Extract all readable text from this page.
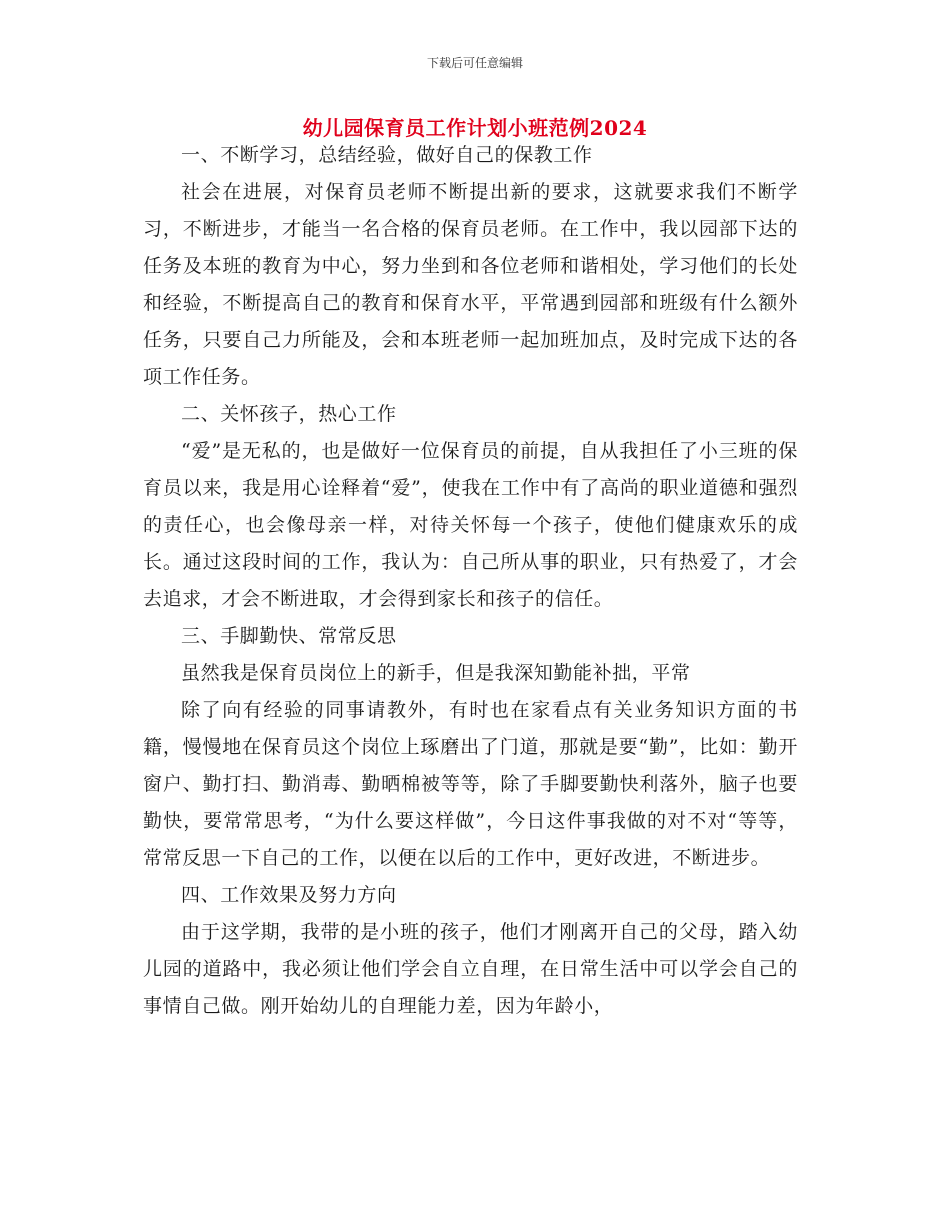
下载后可任意编辑
幼儿园保育员工作计划小班范例2024

一、不断学习，总结经验，做好自己的保教工作

社会在进展，对保育员老师不断提出新的要求，这就要求我们不断学习，不断进步，才能当一名合格的保育员老师。在工作中，我以园部下达的任务及本班的教育为中心，努力坐到和各位老师和谐相处，学习他们的长处和经验，不断提高自己的教育和保育水平，平常遇到园部和班级有什么额外任务，只要自己力所能及，会和本班老师一起加班加点，及时完成下达的各项工作任务。

二、关怀孩子，热心工作

“爱”是无私的，也是做好一位保育员的前提，自从我担任了小三班的保育员以来，我是用心诠释着“爱”，使我在工作中有了高尚的职业道德和强烈的责任心，也会像母亲一样，对待关怀每一个孩子，使他们健康欢乐的成长。通过这段时间的工作，我认为：自己所从事的职业，只有热爱了，才会去追求，才会不断进取，才会得到家长和孩子的信任。

三、手脚勤快、常常反思

虽然我是保育员岗位上的新手，但是我深知勤能补拙，平常

除了向有经验的同事请教外，有时也在家看点有关业务知识方面的书籍，慢慢地在保育员这个岗位上琢磨出了门道，那就是要“勤”，比如：勤开窗户、勤打扫、勤消毒、勤晒棉被等等，除了手脚要勤快利落外，脑子也要勤快，要常常思考，“为什么要这样做”，今日这件事我做的对不对“等等，常常反思一下自己的工作，以便在以后的工作中，更好改进，不断进步。

四、工作效果及努力方向

由于这学期，我带的是小班的孩子，他们才刚离开自己的父母，踏入幼儿园的道路中，我必须让他们学会自立自理，在日常生活中可以学会自己的事情自己做。刚开始幼儿的自理能力差，因为年龄小，
